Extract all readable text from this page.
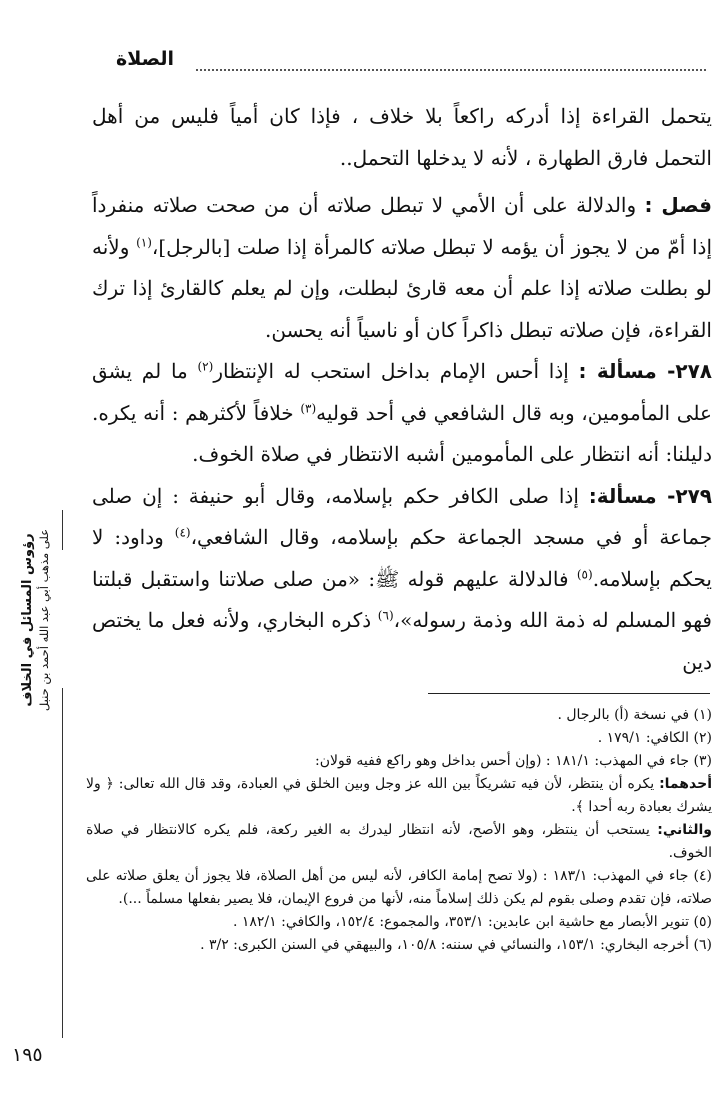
الصلاة

يتحمل القراءة إذا أدركه راكعاً بلا خلاف ، فإذا كان أمياً فليس من أهل التحمل فارق الطهارة ، لأنه لا يدخلها التحمل..

فصل : والدلالة على أن الأمي لا تبطل صلاته أن من صحت صلاته منفرداً إذا أمّ من لا يجوز أن يؤمه لا تبطل صلاته كالمرأة إذا صلت [بالرجل]،$^{(١)}$ ولأنه لو بطلت صلاته إذا علم أن معه قارئ لبطلت، وإن لم يعلم كالقارئ إذا ترك القراءة، فإن صلاته تبطل ذاكراً كان أو ناسياً أنه يحسن.

٢٧٨- مسألة : إذا أحس الإمام بداخل استحب له الإنتظار$^{(٢)}$ ما لم يشق على المأمومين، وبه قال الشافعي في أحد قوليه$^{(٣)}$ خلافاً لأكثرهم : أنه يكره. دليلنا: أنه انتظار على المأمومين أشبه الانتظار في صلاة الخوف.

٢٧٩- مسألة: إذا صلى الكافر حكم بإسلامه، وقال أبو حنيفة : إن صلى جماعة أو في مسجد الجماعة حكم بإسلامه، وقال الشافعي،$^{(٤)}$ وداود: لا يحكم بإسلامه.$^{(٥)}$ فالدلالة عليهم قوله ﷺ: «من صلى صلاتنا واستقبل قبلتنا فهو المسلم له ذمة الله وذمة رسوله»،$^{(٦)}$ ذكره البخاري، ولأنه فعل ما يختص دين

رؤوس المسائل في الخلاف على مذهب أبي عبد الله أحمد بن حنبل

(١) في نسخة (أ) بالرجال .

(٢) الكافي: ١٧٩/١ .

(٣) جاء في المهذب: ١٨١/١ : (وإن أحس بداخل وهو راكع ففيه قولان:

أحدهما: يكره أن ينتظر، لأن فيه تشريكاً بين الله عز وجل وبين الخلق في العبادة، وقد قال الله تعالى: ﴿ ولا يشرك بعبادة ربه أحدا ﴾.

والثاني: يستحب أن ينتظر، وهو الأصح، لأنه انتظار ليدرك به الغير ركعة، فلم يكره كالانتظار في صلاة الخوف.

(٤) جاء في المهذب: ١٨٣/١ : (ولا تصح إمامة الكافر، لأنه ليس من أهل الصلاة، فلا يجوز أن يعلق صلاته على صلاته، فإن تقدم وصلى بقوم لم يكن ذلك إسلاماً منه، لأنها من فروع الإيمان، فلا يصير بفعلها مسلماً ...).

(٥) تنوير الأبصار مع حاشية ابن عابدين: ٣٥٣/١، والمجموع: ١٥٢/٤، والكافي: ١٨٢/١ .

(٦) أخرجه البخاري: ١٥٣/١، والنسائي في سننه: ١٠٥/٨، والبيهقي في السنن الكبرى: ٣/٢ .

١٩٥
